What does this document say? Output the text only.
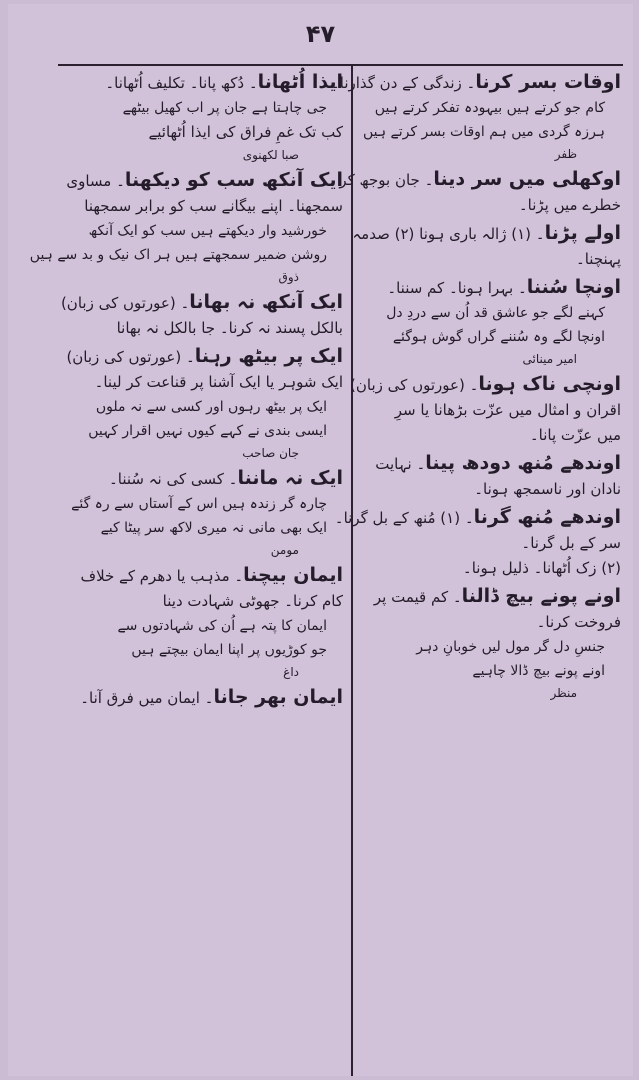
۴۷
اوقات بسر کرنا۔ زندگی کے دن گذارنا۔
کام جو کرتے ہیں بیہودہ تفکر کرتے ہیں
ہرزہ گردی میں ہم اوقات بسر کرتے ہیں
ظفر
اوکھلی میں سر دینا۔ جان بوجھ کر
خطرے میں پڑنا۔
اولے پڑنا۔ (۱) ژالہ باری ہونا (۲) صدمہ
پہنچنا۔
اونچا سُننا۔ بہرا ہونا۔ کم سننا۔
کہنے لگے جو عاشق قد اُن سے دردِ دل
اونچا لگے وہ سُننے گراں گوش ہوگئے
امیر مینائی
اونچی ناک ہونا۔ (عورتوں کی زبان)
اقران و امثال میں عزّت بڑھانا یا سرِ
میں عزّت پانا۔
اوندھے مُنھ دودھ پینا۔ نہایت
نادان اور ناسمجھ ہونا۔
اوندھے مُنھ گرنا۔ (۱) مُنھ کے بل گرنا۔
سر کے بل گرنا۔
(۲) زک اُٹھانا۔ ذلیل ہونا۔
اونے پونے بیچ ڈالنا۔ کم قیمت پر
فروخت کرنا۔
جنسِ دل گر مول لیں خوبانِ دہر
اونے پونے بیچ ڈالا چاہیے
منظر
ایذا اُٹھانا۔ دُکھ پانا۔ تکلیف اُٹھانا۔
جی چاہتا ہے جان پر اب کھیل بیٹھے
کب تک غمِ فراق کی ایذا اُٹھائیے
صبا لکھنوی
ایک آنکھ سب کو دیکھنا۔ مساوی
سمجھنا۔ اپنے بیگانے سب کو برابر سمجھنا
خورشید وار دیکھتے ہیں سب کو ایک آنکھ
روشن ضمیر سمجھتے ہیں ہر اک نیک و بد سے ہیں
ذوق
ایک آنکھ نہ بھانا۔ (عورتوں کی زبان)
بالکل پسند نہ کرنا۔ جا بالکل نہ بھانا
ایک پر بیٹھ رہنا۔ (عورتوں کی زبان)
ایک شوہر یا ایک آشنا پر قناعت کر لینا۔
ایک پر بیٹھ رہوں اور کسی سے نہ ملوں
ایسی بندی نے کہے کیوں نہیں اقرار کہیں
جان صاحب
ایک نہ ماننا۔ کسی کی نہ سُننا۔
چارہ گر زندہ ہیں اس کے آستاں سے رہ گئے
ایک بھی مانی نہ میری لاکھ سر پیٹا کیے
مومن
ایمان بیچنا۔ مذہب یا دھرم کے خلاف
کام کرنا۔ جھوٹی شہادت دینا
ایمان کا پتہ ہے اُن کی شہادتوں سے
جو کوڑیوں پر اپنا ایمان بیچتے ہیں
داغ
ایمان بھر جانا۔ ایمان میں فرق آنا۔
